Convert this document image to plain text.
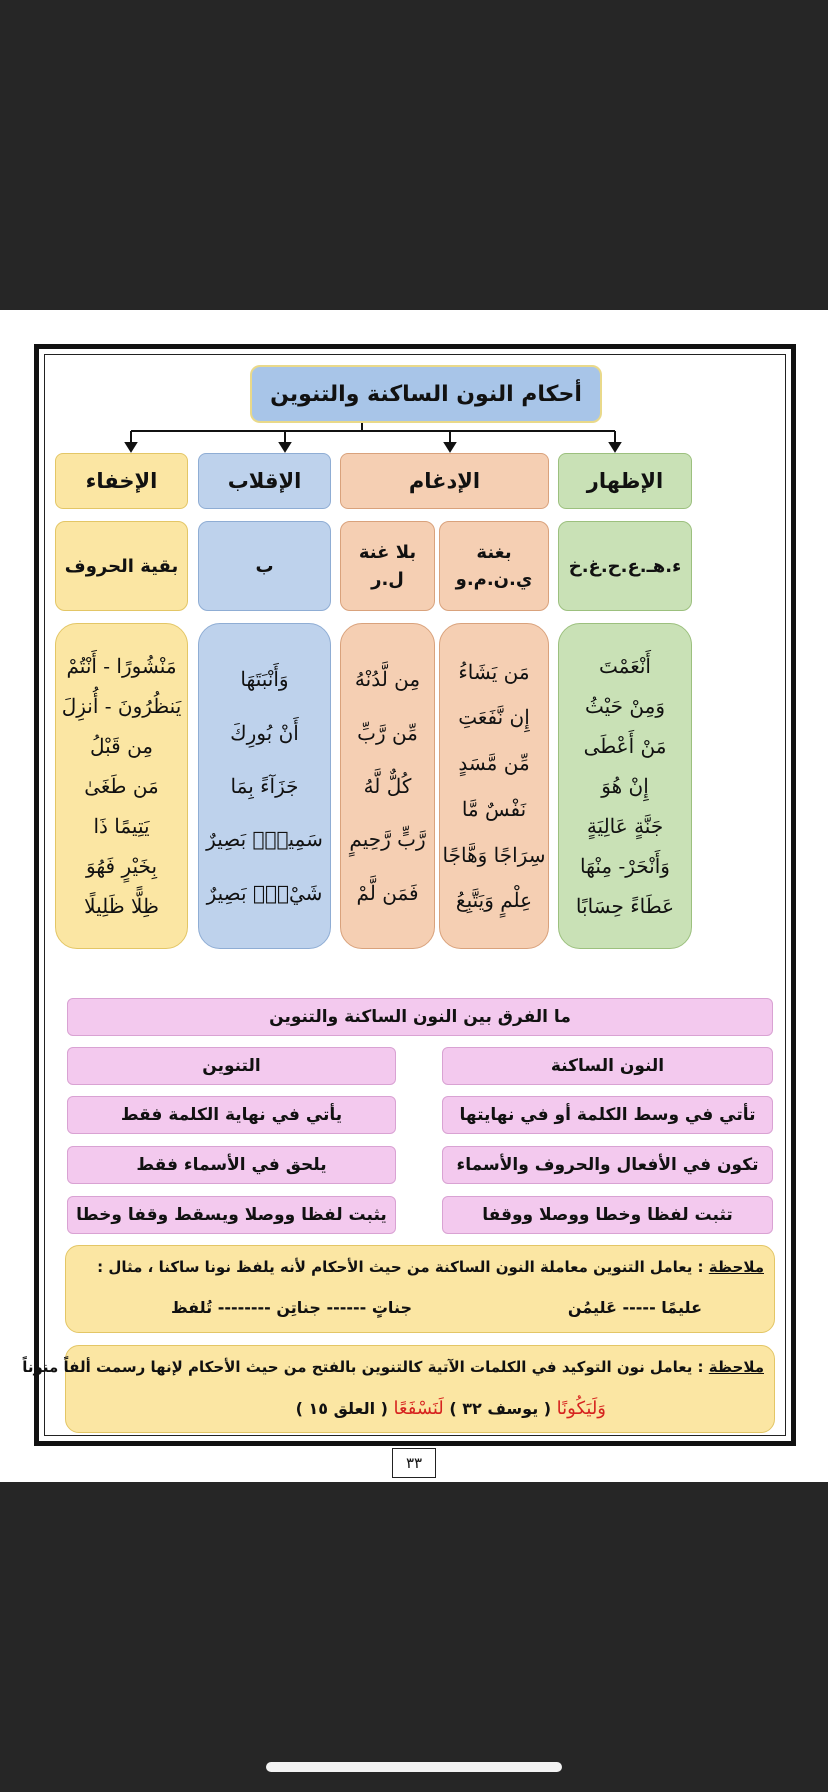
أحكام النون الساكنة والتنوين
الإظهار
الإدغام
الإقلاب
الإخفاء
ء.هـ.ع.ح.غ.خ
بغنة
ي.ن.م.و
بلا غنة
ل.ر
ب
بقية الحروف
أَنْعَمْتَ
وَمِنْ حَيْثُ
مَنْ أَعْطَى
إِنْ هُوَ
جَنَّةٍ عَالِيَةٍ
وَأَنْحَرْ- مِنْهَا
عَطَاءً حِسَابًا
مَن يَشَاءُ
إِن نَّفَعَتِ
مِّن مَّسَدٍ
نَفْسٌ مَّا
سِرَاجًا وَهَّاجًا
عِلْمٍ وَيَتَّبِعُ
مِن لَّدُنْهُ
مِّن رَّبِّ
كُلٌّ لَّهُ
رَّبٍّ رَّحِيمٍ
فَمَن لَّمْ
وَأَنْبَتَهَا
أَنْ بُورِكَ
جَزَآءً بِمَا
سَمِيعٌۢ بَصِيرٌ
شَيْءٍۢ بَصِيرٌ
مَنْشُورًا - أَنْتُمْ
يَنظُرُونَ - أُنزِلَ
مِن قَبْلُ
مَن طَغَىٰ
يَتِيمًا ذَا
بِخَيْرٍ فَهُوَ
ظِلًّا ظَلِيلًا
ما الفرق بين النون الساكنة والتنوين
النون الساكنة
التنوين
تأتي في وسط الكلمة أو في نهايتها
يأتي في نهاية الكلمة فقط
تكون في الأفعال والحروف والأسماء
يلحق في الأسماء فقط
تثبت لفظا وخطا ووصلا ووقفا
يثبت لفظا ووصلا ويسقط وقفا وخطا
ملاحظة : يعامل التنوين معاملة النون الساكنة من حيث الأحكام لأنه يلفظ نونا ساكنا ، مثال :
عليمًا ----- عَليمُن
جناتٍ ------ جناتِن -------- تُلفظ
ملاحظة : يعامل نون التوكيد في الكلمات الآتية كالتنوين بالفتح من حيث الأحكام لإنها رسمت ألفاً منوناً
وَلَيَكُونًا ( يوسف ٣٢ ) لَنَسْفَعًا ( العلق ١٥ )
٣٣
